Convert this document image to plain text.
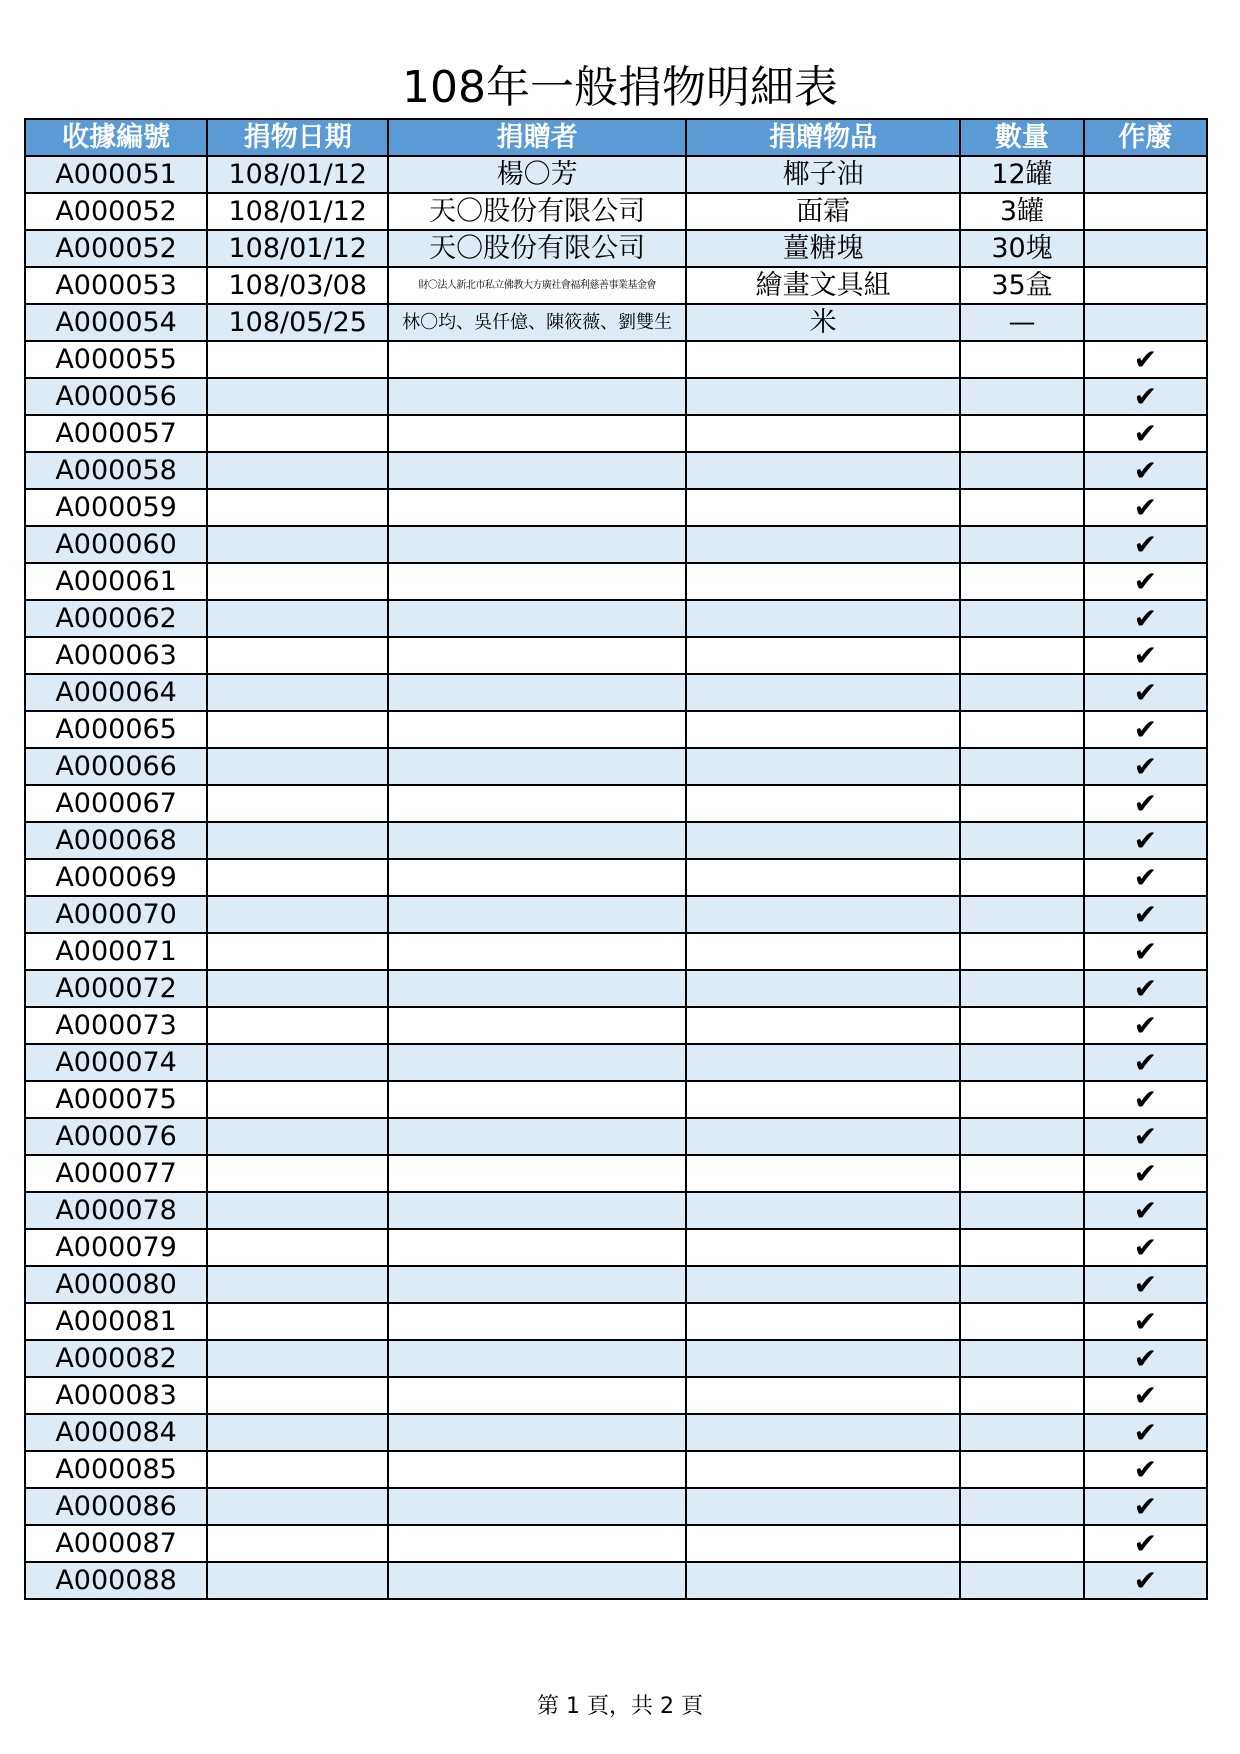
108年一般捐物明細表
收據編號	捐物日期	捐贈者	捐贈物品	數量	作廢
A000051	108/01/12	楊〇芳	椰子油	12罐	
A000052	108/01/12	天〇股份有限公司	面霜	3罐	
A000052	108/01/12	天〇股份有限公司	薑糖塊	30塊	
A000053	108/03/08	財〇法人新北市私立佛教大方廣社會福利慈善事業基金會	繪畫文具組	35盒	
A000054	108/05/25	林〇均、吳仟億、陳筱薇、劉雙生	米	—	
A000055					✔
A000056					✔
A000057					✔
A000058					✔
A000059					✔
A000060					✔
A000061					✔
A000062					✔
A000063					✔
A000064					✔
A000065					✔
A000066					✔
A000067					✔
A000068					✔
A000069					✔
A000070					✔
A000071					✔
A000072					✔
A000073					✔
A000074					✔
A000075					✔
A000076					✔
A000077					✔
A000078					✔
A000079					✔
A000080					✔
A000081					✔
A000082					✔
A000083					✔
A000084					✔
A000085					✔
A000086					✔
A000087					✔
A000088					✔
第 1 頁，共 2 頁
